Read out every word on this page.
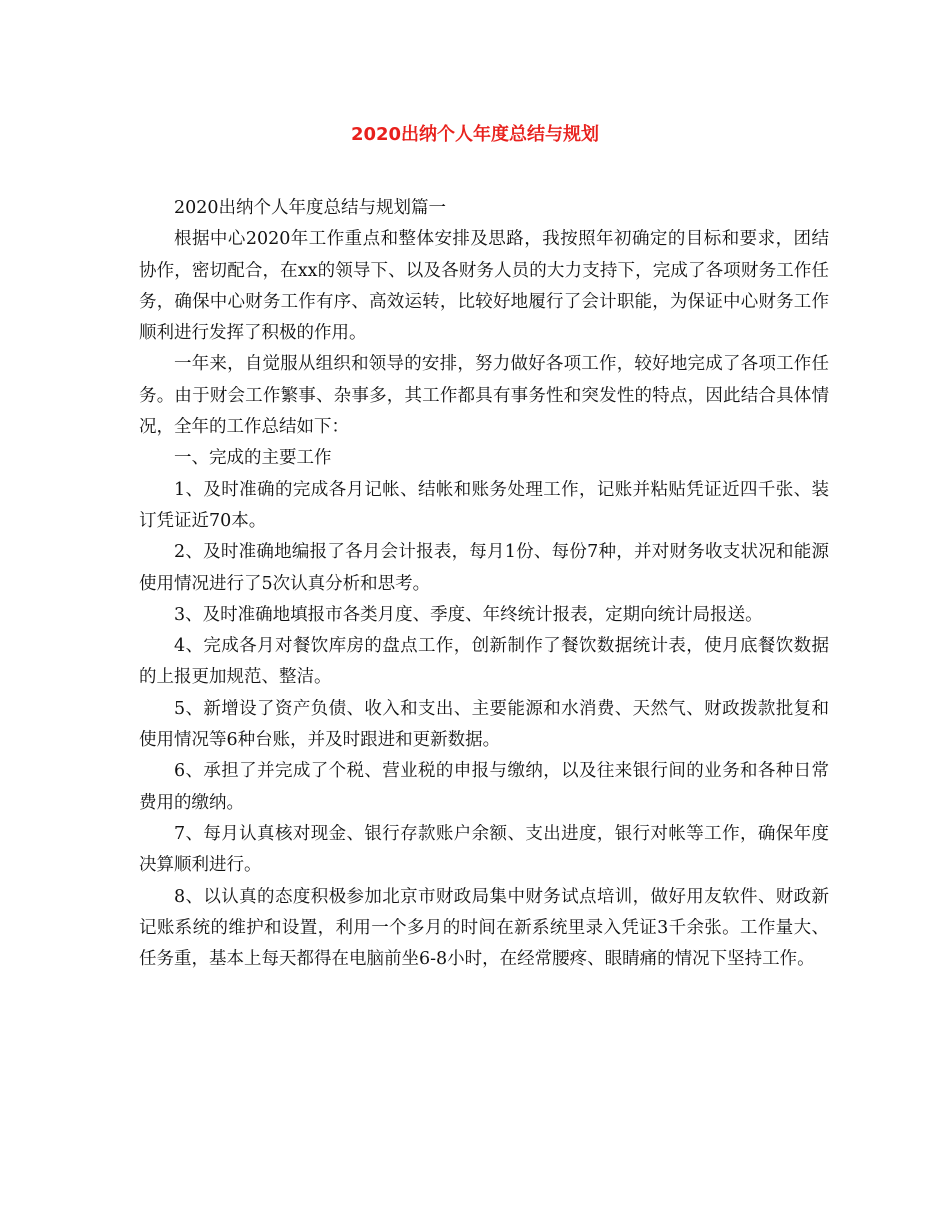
2020出纳个人年度总结与规划

2020出纳个人年度总结与规划篇一

根据中心2020年工作重点和整体安排及思路，我按照年初确定的目标和要求，团结协作，密切配合，在xx的领导下、以及各财务人员的大力支持下，完成了各项财务工作任务，确保中心财务工作有序、高效运转，比较好地履行了会计职能，为保证中心财务工作顺利进行发挥了积极的作用。

一年来，自觉服从组织和领导的安排，努力做好各项工作，较好地完成了各项工作任务。由于财会工作繁事、杂事多，其工作都具有事务性和突发性的特点，因此结合具体情况，全年的工作总结如下：

一、完成的主要工作

1、及时准确的完成各月记帐、结帐和账务处理工作，记账并粘贴凭证近四千张、装订凭证近70本。

2、及时准确地编报了各月会计报表，每月1份、每份7种，并对财务收支状况和能源使用情况进行了5次认真分析和思考。

3、及时准确地填报市各类月度、季度、年终统计报表，定期向统计局报送。

4、完成各月对餐饮库房的盘点工作，创新制作了餐饮数据统计表，使月底餐饮数据的上报更加规范、整洁。

5、新增设了资产负债、收入和支出、主要能源和水消费、天然气、财政拨款批复和使用情况等6种台账，并及时跟进和更新数据。

6、承担了并完成了个税、营业税的申报与缴纳，以及往来银行间的业务和各种日常费用的缴纳。

7、每月认真核对现金、银行存款账户余额、支出进度，银行对帐等工作，确保年度决算顺利进行。

8、以认真的态度积极参加北京市财政局集中财务试点培训，做好用友软件、财政新记账系统的维护和设置，利用一个多月的时间在新系统里录入凭证3千余张。工作量大、任务重，基本上每天都得在电脑前坐6-8小时，在经常腰疼、眼睛痛的情况下坚持工作。
